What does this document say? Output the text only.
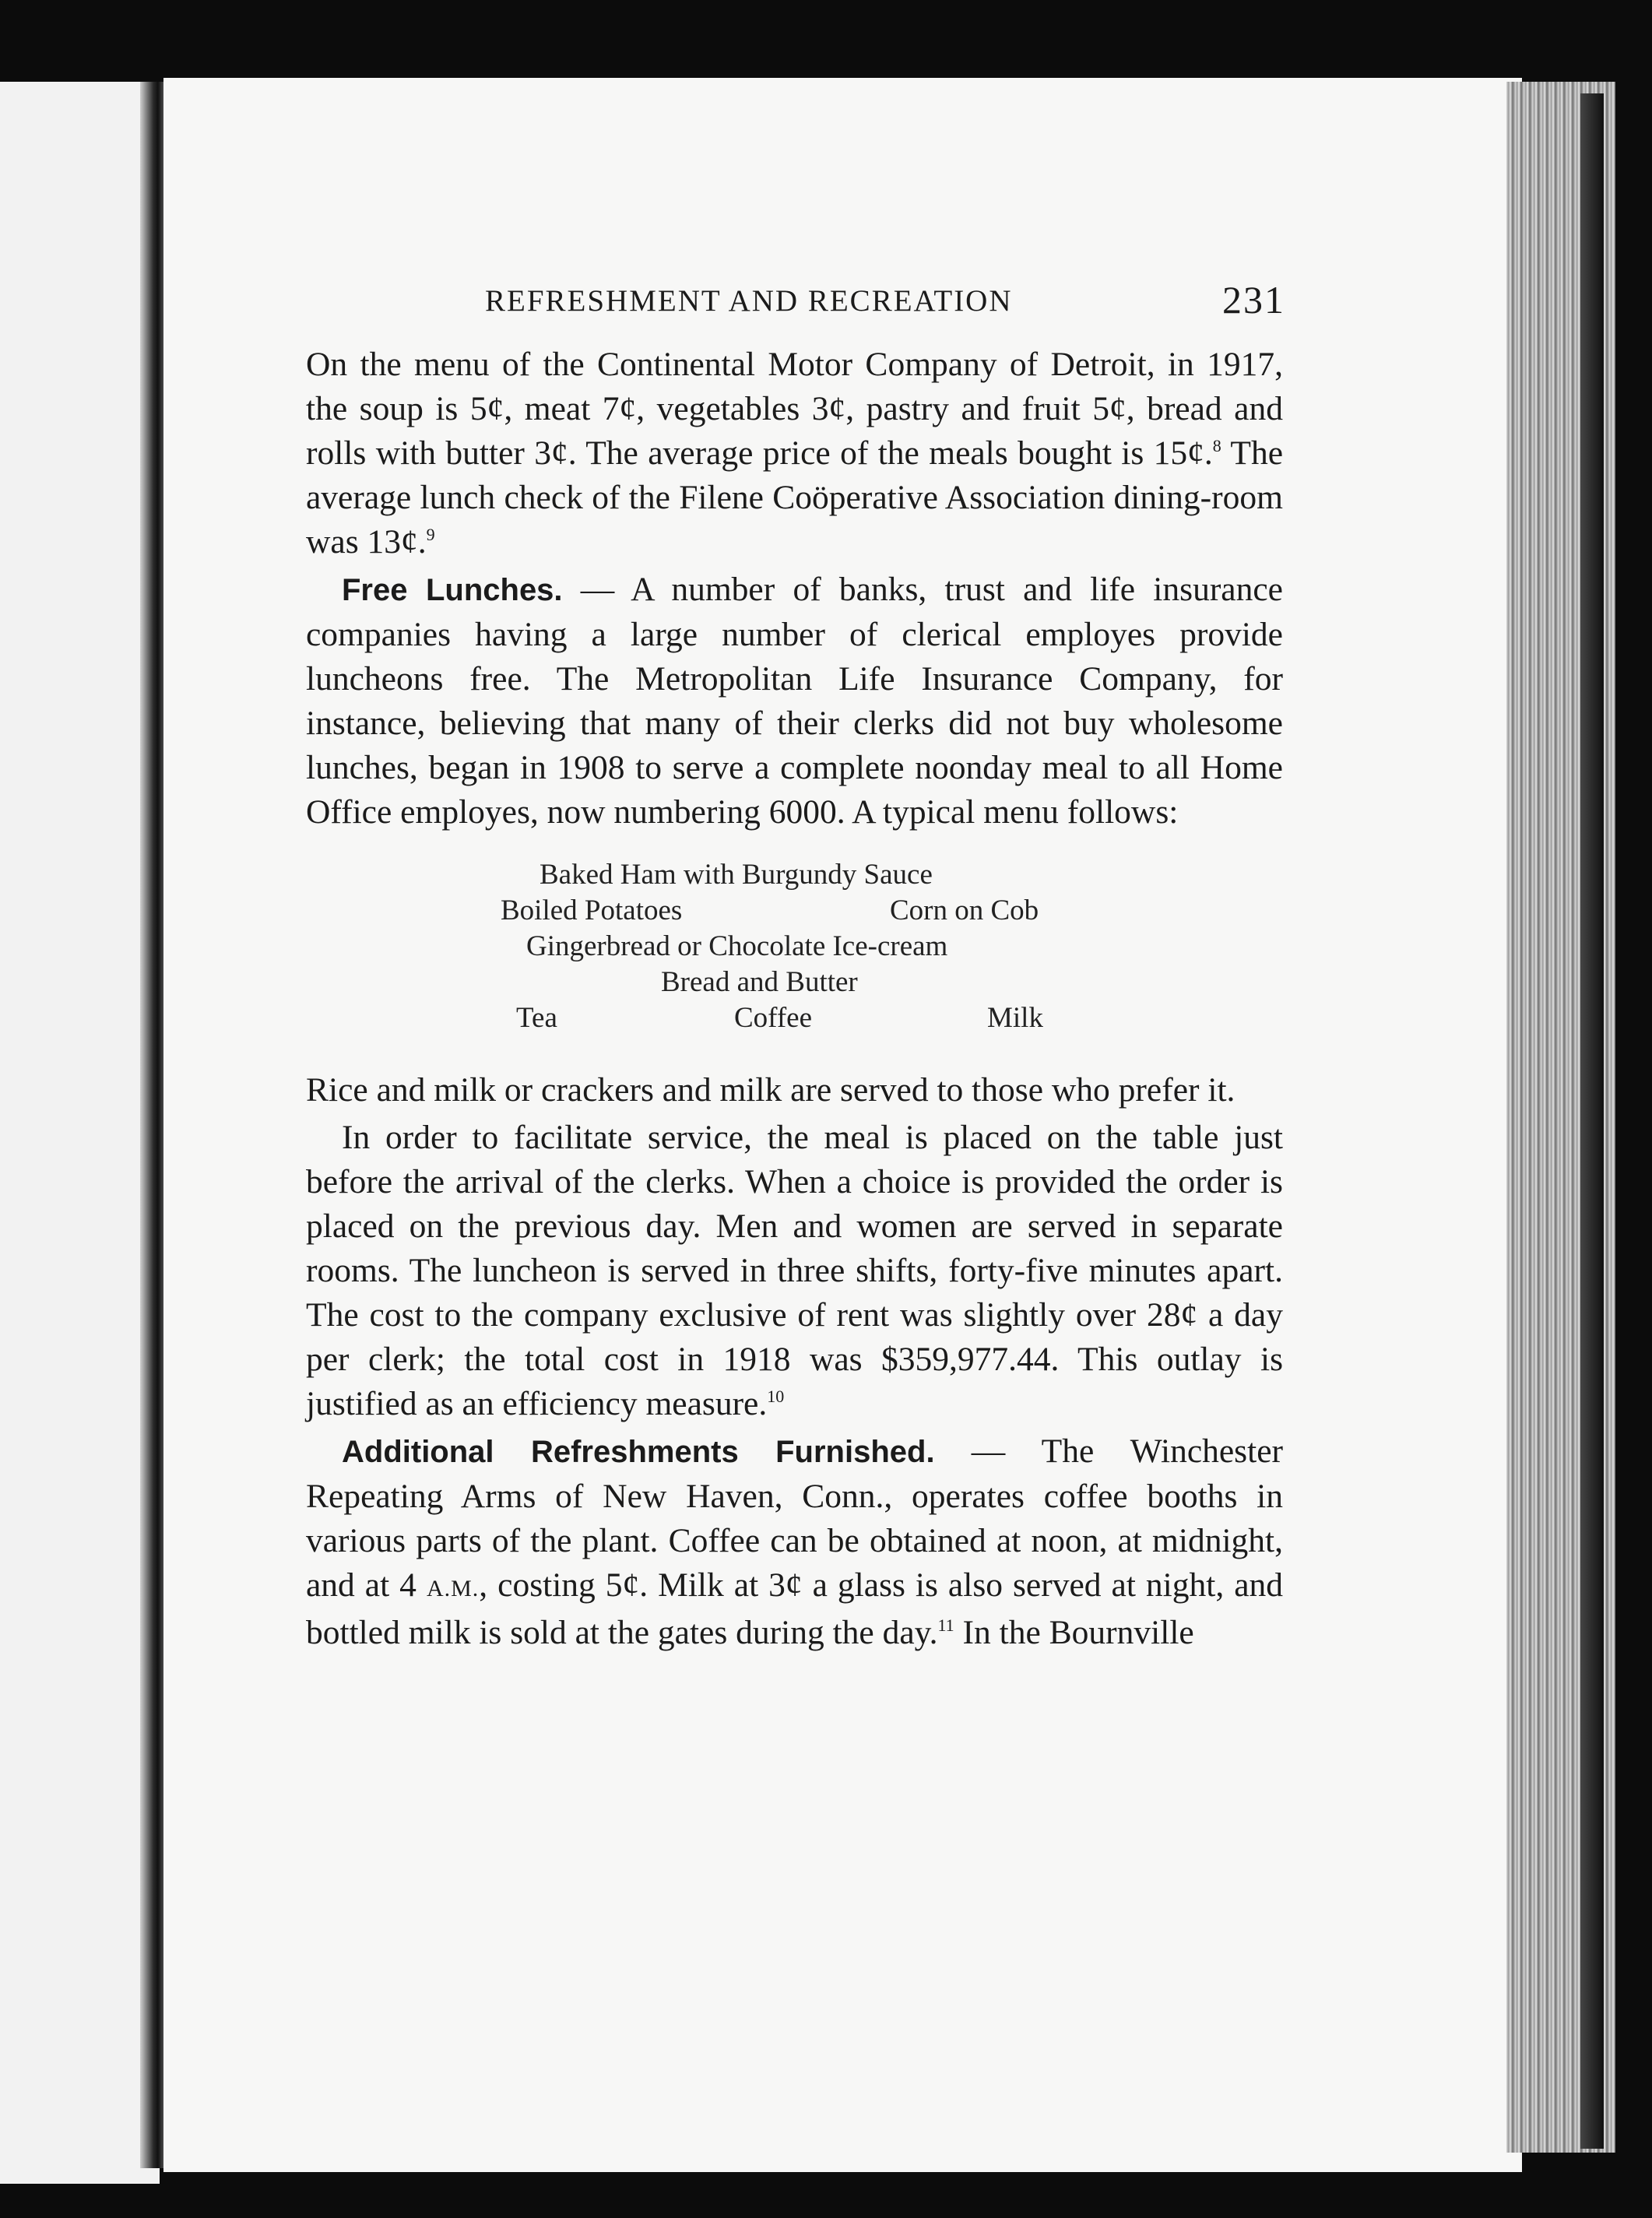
REFRESHMENT AND RECREATION	231

On the menu of the Continental Motor Company of Detroit, in 1917, the soup is 5¢, meat 7¢, vegetables 3¢, pastry and fruit 5¢, bread and rolls with butter 3¢. The average price of the meals bought is 15¢.$^8$ The average lunch check of the Filene Coöperative Association dining-room was 13¢.$^9$

Free Lunches. — A number of banks, trust and life insurance companies having a large number of clerical employes provide luncheons free. The Metropolitan Life Insurance Company, for instance, believing that many of their clerks did not buy wholesome lunches, began in 1908 to serve a complete noonday meal to all Home Office employes, now numbering 6000. A typical menu follows:

Baked Ham with Burgundy Sauce
Boiled Potatoes	Corn on Cob
Gingerbread or Chocolate Ice-cream
Bread and Butter
Tea	Coffee	Milk

Rice and milk or crackers and milk are served to those who prefer it.

In order to facilitate service, the meal is placed on the table just before the arrival of the clerks. When a choice is provided the order is placed on the previous day. Men and women are served in separate rooms. The luncheon is served in three shifts, forty-five minutes apart. The cost to the company exclusive of rent was slightly over 28¢ a day per clerk; the total cost in 1918 was $359,977.44. This outlay is justified as an efficiency measure.$^{10}$

Additional Refreshments Furnished. — The Winchester Repeating Arms of New Haven, Conn., operates coffee booths in various parts of the plant. Coffee can be obtained at noon, at midnight, and at 4 A.M., costing 5¢. Milk at 3¢ a glass is also served at night, and bottled milk is sold at the gates during the day.$^{11}$ In the Bournville
